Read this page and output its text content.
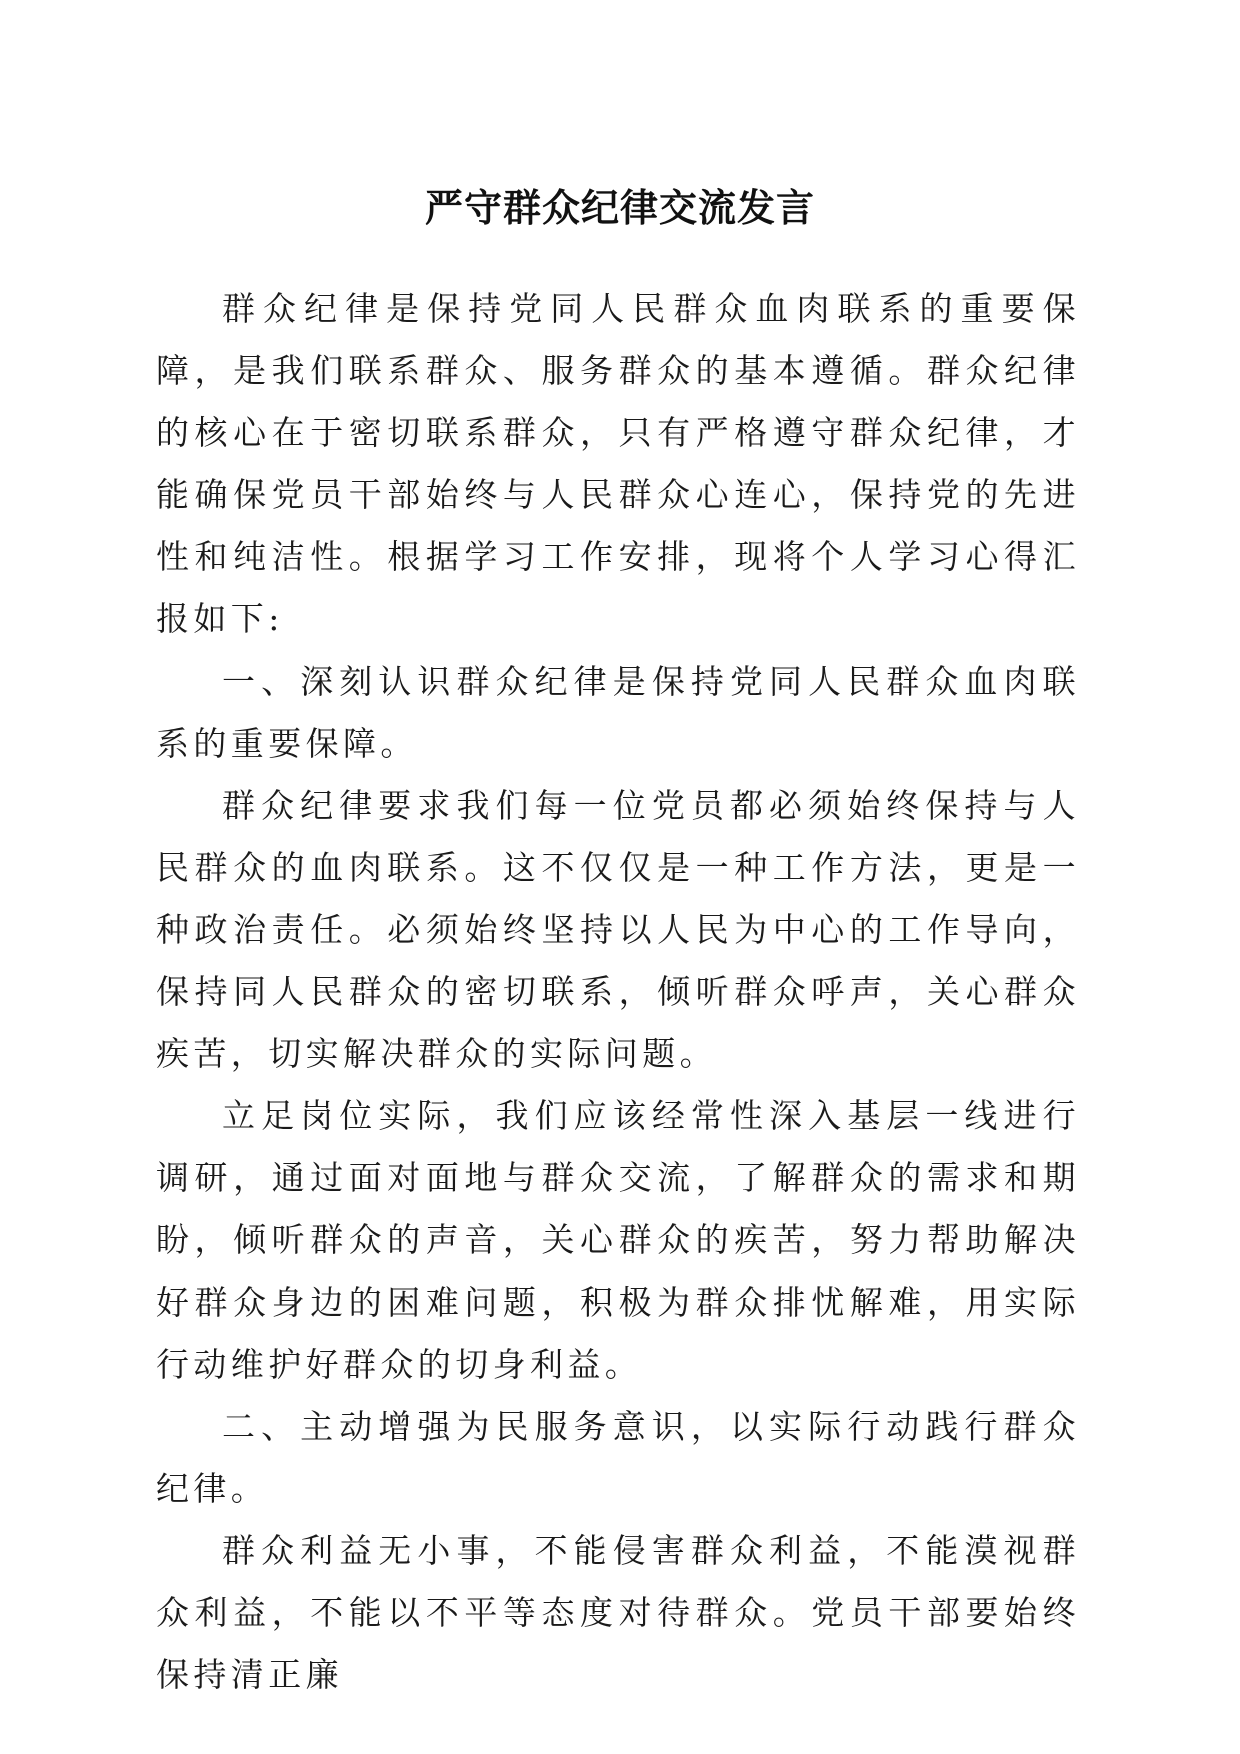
严守群众纪律交流发言

群众纪律是保持党同人民群众血肉联系的重要保障，是我们联系群众、服务群众的基本遵循。群众纪律的核心在于密切联系群众，只有严格遵守群众纪律，才能确保党员干部始终与人民群众心连心，保持党的先进性和纯洁性。根据学习工作安排，现将个人学习心得汇报如下:

一、深刻认识群众纪律是保持党同人民群众血肉联系的重要保障。

群众纪律要求我们每一位党员都必须始终保持与人民群众的血肉联系。这不仅仅是一种工作方法，更是一种政治责任。必须始终坚持以人民为中心的工作导向，保持同人民群众的密切联系，倾听群众呼声，关心群众疾苦，切实解决群众的实际问题。

立足岗位实际，我们应该经常性深入基层一线进行调研，通过面对面地与群众交流，了解群众的需求和期盼，倾听群众的声音，关心群众的疾苦，努力帮助解决好群众身边的困难问题，积极为群众排忧解难，用实际行动维护好群众的切身利益。

二、主动增强为民服务意识，以实际行动践行群众纪律。

群众利益无小事，不能侵害群众利益，不能漠视群众利益，不能以不平等态度对待群众。党员干部要始终保持清正廉
